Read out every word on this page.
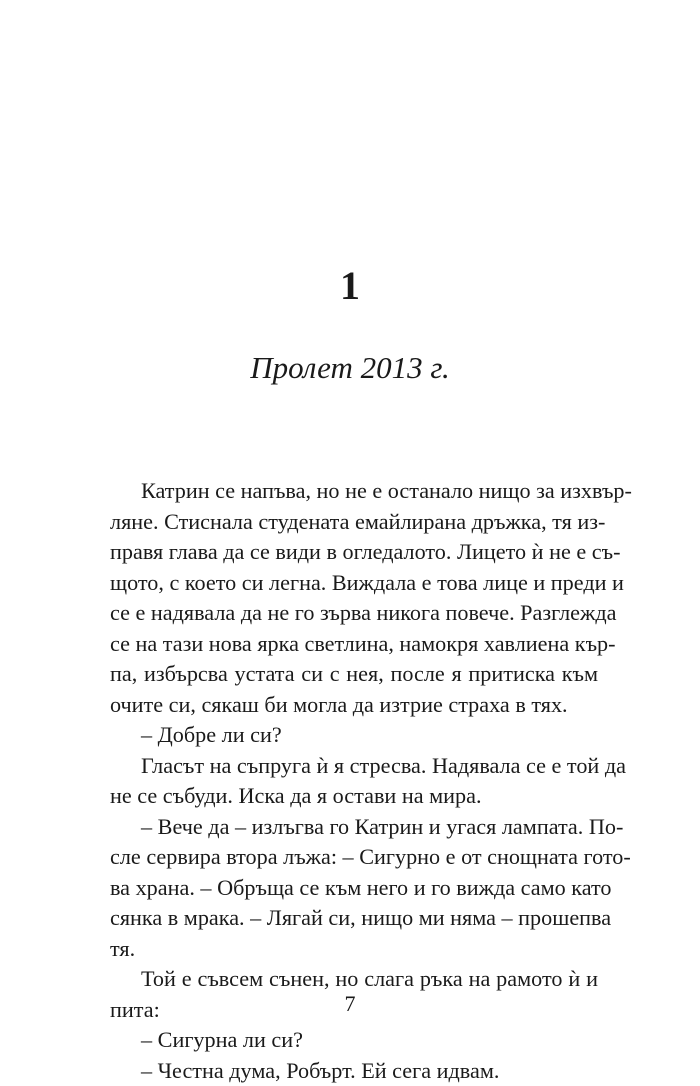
1
Пролет 2013 г.
Катрин се напъва, но не е останало нищо за изхвър-
ляне. Стиснала студената емайлирана дръжка, тя из-
правя глава да се види в огледалото. Лицето ѝ не е съ-
щото, с което си легна. Виждала е това лице и преди и
се е надявала да не го зърва никога повече. Разглежда
се на тази нова ярка светлина, намокря хавлиена кър-
па, избърсва устата си с нея, после я притиска към
очите си, сякаш би могла да изтрие страха в тях.
– Добре ли си?
Гласът на съпруга ѝ я стресва. Надявала се е той да
не се събуди. Иска да я остави на мира.
– Вече да – излъгва го Катрин и угася лампата. По-
сле сервира втора лъжа: – Сигурно е от снощната гото-
ва храна. – Обръща се към него и го вижда само като
сянка в мрака. – Лягай си, нищо ми няма – прошепва
тя.
Той е съвсем сънен, но слага ръка на рамото ѝ и
пита:
– Сигурна ли си?
– Честна дума, Робърт. Ей сега идвам.
7
